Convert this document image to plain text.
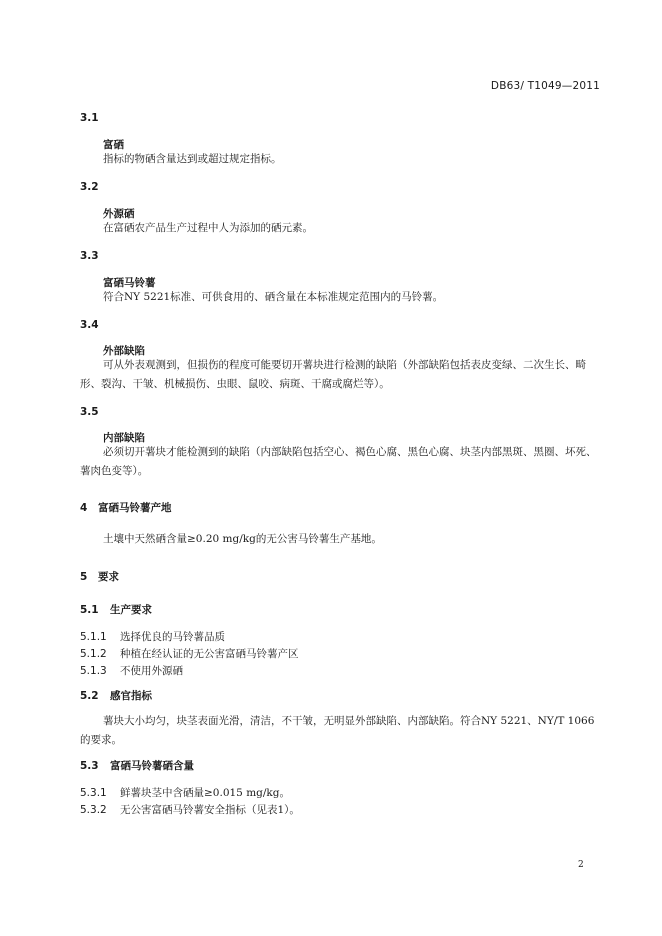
DB63/ T1049—2011
3.1
富硒
指标的物硒含量达到或超过规定指标。
3.2
外源硒
在富硒农产品生产过程中人为添加的硒元素。
3.3
富硒马铃薯
符合NY 5221标准、可供食用的、硒含量在本标准规定范围内的马铃薯。
3.4
外部缺陷
可从外表观测到，但损伤的程度可能要切开薯块进行检测的缺陷（外部缺陷包括表皮变绿、二次生长、畸形、裂沟、干皱、机械损伤、虫眼、鼠咬、病斑、干腐或腐烂等）。
3.5
内部缺陷
必须切开薯块才能检测到的缺陷（内部缺陷包括空心、褐色心腐、黑色心腐、块茎内部黑斑、黑圈、坏死、薯肉色变等）。
4 富硒马铃薯产地
土壤中天然硒含量≥0.20 mg/kg的无公害马铃薯生产基地。
5 要求
5.1 生产要求
5.1.1 选择优良的马铃薯品质
5.1.2 种植在经认证的无公害富硒马铃薯产区
5.1.3 不使用外源硒
5.2 感官指标
薯块大小均匀，块茎表面光滑，清洁，不干皱，无明显外部缺陷、内部缺陷。符合NY 5221、NY/T 1066的要求。
5.3 富硒马铃薯硒含量
5.3.1 鲜薯块茎中含硒量≥0.015 mg/kg。
5.3.2 无公害富硒马铃薯安全指标（见表1）。
2
